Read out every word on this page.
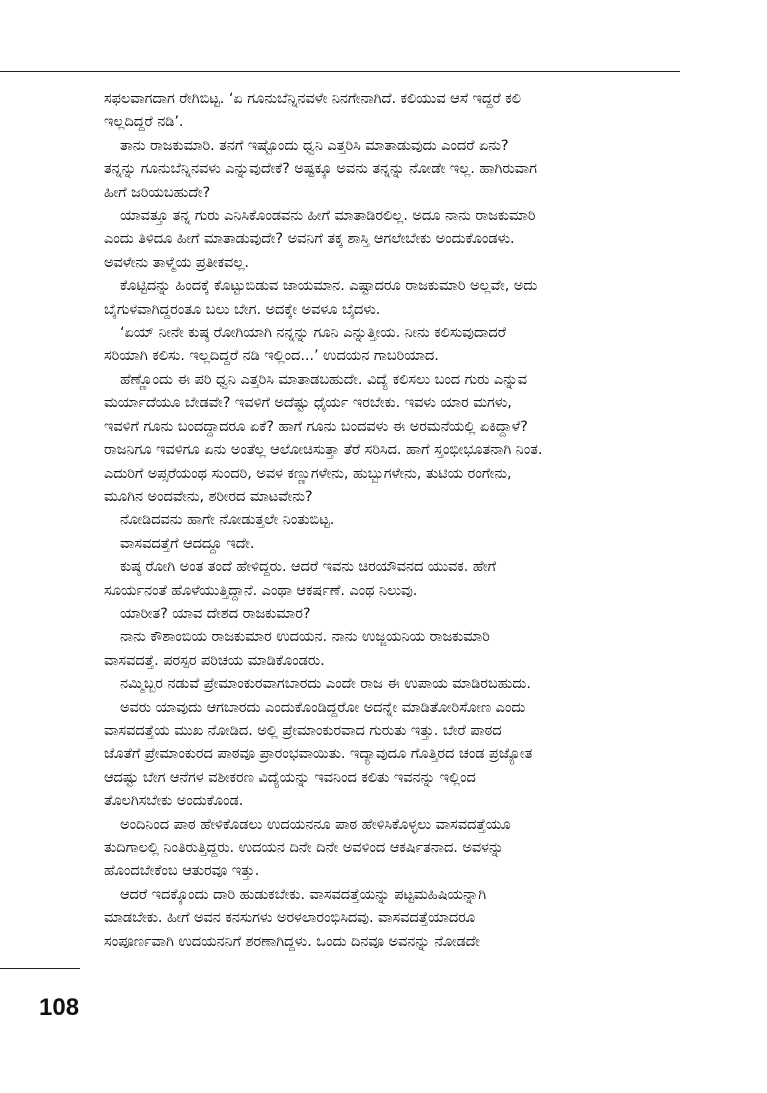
ಸಫಲವಾಗದಾಗ ರೇಗಿಬಿಟ್ಟ. ‘ಏ ಗೂನುಬೆನ್ನಿನವಳೇ ನಿನಗೇನಾಗಿದೆ. ಕಲಿಯುವ ಆಸೆ ಇದ್ದರೆ ಕಲಿ
ಇಲ್ಲದಿದ್ದರೆ ನಡಿ’.
ತಾನು ರಾಜಕುಮಾರಿ. ತನಗೆ ಇಷ್ಟೊಂದು ಧ್ವನಿ ಎತ್ತರಿಸಿ ಮಾತಾಡುವುದು ಎಂದರೆ ಏನು?
ತನ್ನನ್ನು ಗೂನುಬೆನ್ನಿನವಳು ಎನ್ನುವುದೇಕೆ? ಅಷ್ಟಕ್ಕೂ ಅವನು ತನ್ನನ್ನು ನೋಡೇ ಇಲ್ಲ. ಹಾಗಿರುವಾಗ
ಹೀಗೆ ಜರಿಯಬಹುದೇ?
ಯಾವತ್ತೂ ತನ್ನ ಗುರು ಎನಿಸಿಕೊಂಡವನು ಹೀಗೆ ಮಾತಾಡಿರಲಿಲ್ಲ. ಅದೂ ನಾನು ರಾಜಕುಮಾರಿ
ಎಂದು ತಿಳಿದೂ ಹೀಗೆ ಮಾತಾಡುವುದೇ? ಅವನಿಗೆ ತಕ್ಕ ಶಾಸ್ತಿ ಆಗಲೇಬೇಕು ಅಂದುಕೊಂಡಳು.
ಅವಳೇನು ತಾಳ್ಮೆಯ ಪ್ರತೀಕವಲ್ಲ.
ಕೊಟ್ಟಿದನ್ನು ಹಿಂದಕ್ಕೆ ಕೊಟ್ಟುಬಿಡುವ ಜಾಯಮಾನ. ಎಷ್ಟಾದರೂ ರಾಜಕುಮಾರಿ ಅಲ್ಲವೇ, ಅದು
ಬೈಗುಳವಾಗಿದ್ದರಂತೂ ಬಲು ಬೇಗ. ಅದಕ್ಕೇ ಅವಳೂ ಬೈದಳು.
‘ಏಯ್ ನೀನೇ ಕುಷ್ಠ ರೋಗಿಯಾಗಿ ನನ್ನನ್ನು ಗೂನಿ ಎನ್ನುತ್ತೀಯ. ನೀನು ಕಲಿಸುವುದಾದರೆ
ಸರಿಯಾಗಿ ಕಲಿಸು. ಇಲ್ಲದಿದ್ದರೆ ನಡಿ ಇಲ್ಲಿಂದ...’ ಉದಯನ ಗಾಬರಿಯಾದ.
ಹೆಣ್ಣೊಂದು ಈ ಪರಿ ಧ್ವನಿ ಎತ್ತರಿಸಿ ಮಾತಾಡಬಹುದೇ. ವಿದ್ಯೆ ಕಲಿಸಲು ಬಂದ ಗುರು ಎನ್ನುವ
ಮರ್ಯಾದೆಯೂ ಬೇಡವೇ? ಇವಳಿಗೆ ಅದೆಷ್ಟು ಧೈರ್ಯ ಇರಬೇಕು. ಇವಳು ಯಾರ ಮಗಳು,
ಇವಳಿಗೆ ಗೂನು ಬಂದದ್ದಾದರೂ ಏಕೆ? ಹಾಗೆ ಗೂನು ಬಂದವಳು ಈ ಅರಮನೆಯಲ್ಲಿ ಏಕಿದ್ದಾಳೆ?
ರಾಜನಿಗೂ ಇವಳಿಗೂ ಏನು ಅಂತೆಲ್ಲ ಆಲೋಚಿಸುತ್ತಾ ತೆರೆ ಸರಿಸಿದ. ಹಾಗೆ ಸ್ತಂಭೀಭೂತನಾಗಿ ನಿಂತ.
ಎದುರಿಗೆ ಅಪ್ಸರೆಯಂಥ ಸುಂದರಿ, ಅವಳ ಕಣ್ಣುಗಳೇನು, ಹುಬ್ಬುಗಳೇನು, ತುಟಿಯ ರಂಗೇನು,
ಮೂಗಿನ ಅಂದವೇನು, ಶರೀರದ ಮಾಟವೇನು?
ನೋಡಿದವನು ಹಾಗೇ ನೋಡುತ್ತಲೇ ನಿಂತುಬಿಟ್ಟ.
ವಾಸವದತ್ತೆಗೆ ಆದದ್ದೂ ಇದೇ.
ಕುಷ್ಠ ರೋಗಿ ಅಂತ ತಂದೆ ಹೇಳಿದ್ದರು. ಆದರೆ ಇವನು ಚಿರಯೌವನದ ಯುವಕ. ಹೇಗೆ
ಸೂರ್ಯನಂತೆ ಹೊಳೆಯುತ್ತಿದ್ದಾನೆ. ಎಂಥಾ ಆಕರ್ಷಣೆ. ಎಂಥ ನಿಲುವು.
ಯಾರೀತ? ಯಾವ ದೇಶದ ರಾಜಕುಮಾರ?
ನಾನು ಕೌಶಾಂಬಿಯ ರಾಜಕುಮಾರ ಉದಯನ. ನಾನು ಉಜ್ಜಯನಿಯ ರಾಜಕುಮಾರಿ
ವಾಸವದತ್ತೆ. ಪರಸ್ಪರ ಪರಿಚಯ ಮಾಡಿಕೊಂಡರು.
ನಮ್ಮಿಬ್ಬರ ನಡುವೆ ಪ್ರೇಮಾಂಕುರವಾಗಬಾರದು ಎಂದೇ ರಾಜ ಈ ಉಪಾಯ ಮಾಡಿರಬಹುದು.
ಅವರು ಯಾವುದು ಆಗಬಾರದು ಎಂದುಕೊಂಡಿದ್ದರೋ ಅದನ್ನೇ ಮಾಡಿತೋರಿಸೋಣ ಎಂದು
ವಾಸವದತ್ತೆಯ ಮುಖ ನೋಡಿದ. ಅಲ್ಲಿ ಪ್ರೇಮಾಂಕುರವಾದ ಗುರುತು ಇತ್ತು. ಬೇರೆ ಪಾಠದ
ಜೊತೆಗೆ ಪ್ರೇಮಾಂಕುರದ ಪಾಠವೂ ಪ್ರಾರಂಭವಾಯಿತು. ಇದ್ಯಾವುದೂ ಗೊತ್ತಿರದ ಚಂಡ ಪ್ರಜ್ಯೋತ
ಆದಷ್ಟು ಬೇಗ ಆನೆಗಳ ವಶೀಕರಣ ವಿದ್ಯೆಯನ್ನು ಇವನಿಂದ ಕಲಿತು ಇವನನ್ನು ಇಲ್ಲಿಂದ
ತೊಲಗಿಸಬೇಕು ಅಂದುಕೊಂಡ.
ಅಂದಿನಿಂದ ಪಾಠ ಹೇಳಿಕೊಡಲು ಉದಯನನೂ ಪಾಠ ಹೇಳಿಸಿಕೊಳ್ಳಲು ವಾಸವದತ್ತೆಯೂ
ತುದಿಗಾಲಲ್ಲಿ ನಿಂತಿರುತ್ತಿದ್ದರು. ಉದಯನ ದಿನೇ ದಿನೇ ಅವಳಿಂದ ಆಕರ್ಷಿತನಾದ. ಅವಳನ್ನು
ಹೊಂದಬೇಕೆಂಬ ಆತುರವೂ ಇತ್ತು.
ಆದರೆ ಇದಕ್ಕೊಂದು ದಾರಿ ಹುಡುಕಬೇಕು. ವಾಸವದತ್ತೆಯನ್ನು ಪಟ್ಟಮಹಿಷಿಯನ್ನಾಗಿ
ಮಾಡಬೇಕು. ಹೀಗೆ ಅವನ ಕನಸುಗಳು ಅರಳಲಾರಂಭಿಸಿದವು. ವಾಸವದತ್ತೆಯಾದರೂ
ಸಂಪೂರ್ಣವಾಗಿ ಉದಯನನಿಗೆ ಶರಣಾಗಿದ್ದಳು. ಒಂದು ದಿನವೂ ಅವನನ್ನು ನೋಡದೇ
108
